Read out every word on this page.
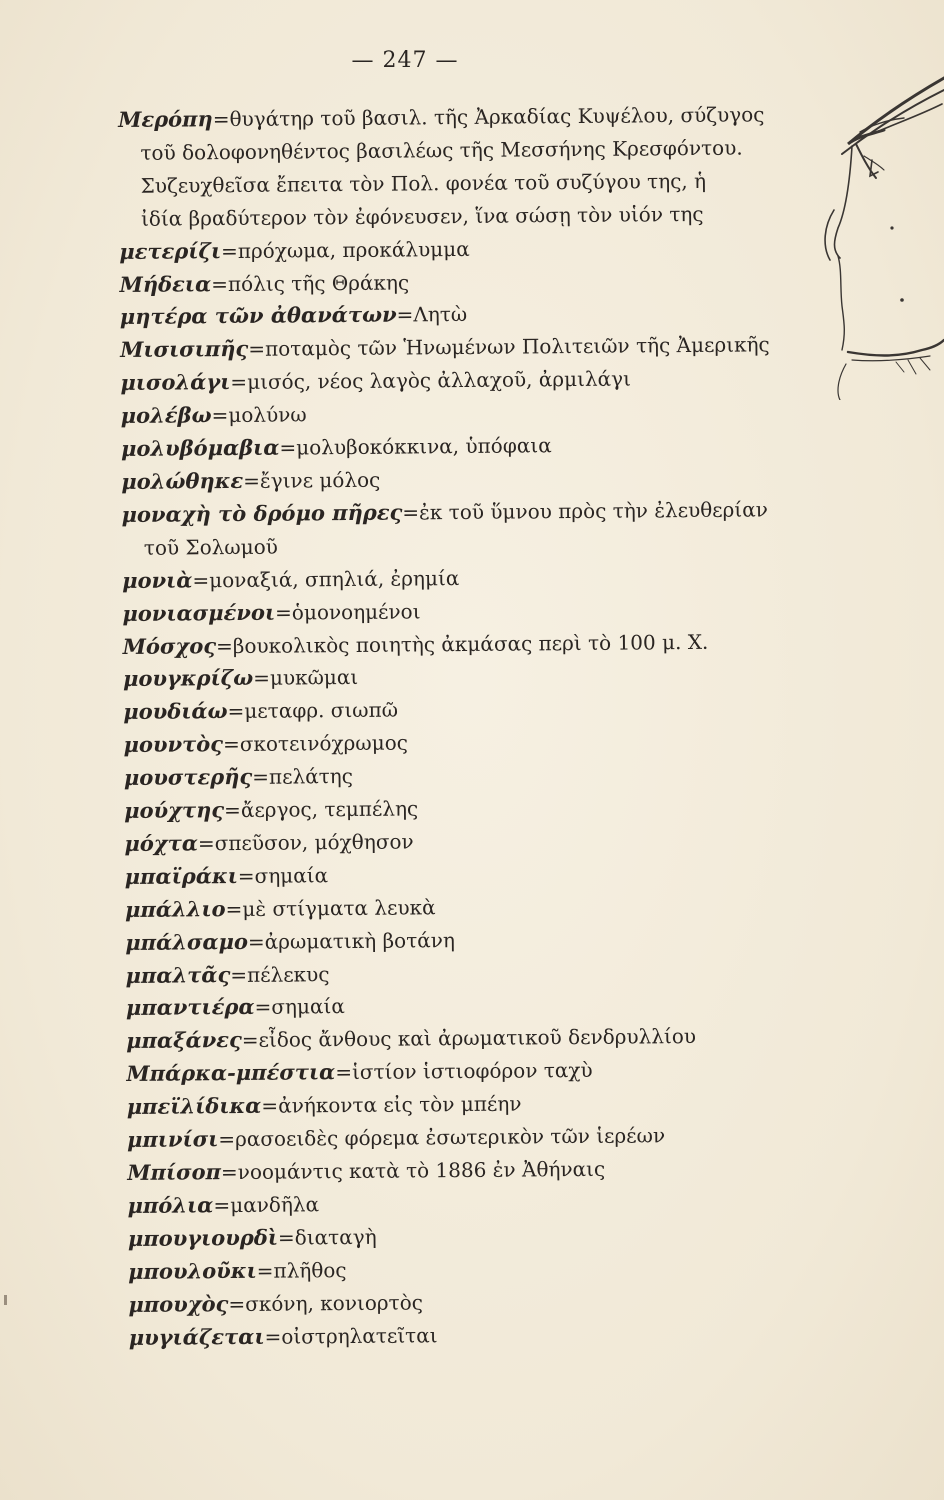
— 247 —
Μερόπη=θυγάτηρ τοῦ βασιλ. τῆς Ἀρκαδίας Κυψέλου, σύζυγος
τοῦ δολοφονηθέντος βασιλέως τῆς Μεσσήνης Κρεσφόντου.
Συζευχθεῖσα ἔπειτα τὸν Πολ. φονέα τοῦ συζύγου της, ἡ
ἰδία βραδύτερον τὸν ἐφόνευσεν, ἵνα σώσῃ τὸν υἱόν της
μετερίζι=πρόχωμα, προκάλυμμα
Μήδεια=πόλις τῆς Θράκης
μητέρα τῶν ἀθανάτων=Λητὼ
Μισισιπῆς=ποταμὸς τῶν Ἡνωμένων Πολιτειῶν τῆς Ἀμερικῆς
μισολάγι=μισός, νέος λαγὸς ἀλλαχοῦ, ἀρμιλάγι
μολέβω=μολύνω
μολυβόμαβια=μολυβοκόκκινα, ὑπόφαια
μολώθηκε=ἔγινε μόλος
μοναχὴ τὸ δρόμο πῆρες=ἐκ τοῦ ὕμνου πρὸς τὴν ἐλευθερίαν
τοῦ Σολωμοῦ
μονιὰ=μοναξιά, σπηλιά, ἐρημία
μονιασμένοι=ὁμονοημένοι
Μόσχος=βουκολικὸς ποιητὴς ἀκμάσας περὶ τὸ 100 μ. Χ.
μουγκρίζω=μυκῶμαι
μουδιάω=μεταφρ. σιωπῶ
μουντὸς=σκοτεινόχρωμος
μουστερῆς=πελάτης
μούχτης=ἄεργος, τεμπέλης
μόχτα=σπεῦσον, μόχθησον
μπαϊράκι=σημαία
μπάλλιο=μὲ στίγματα λευκὰ
μπάλσαμο=ἀρωματικὴ βοτάνη
μπαλτᾶς=πέλεκυς
μπαντιέρα=σημαία
μπαξάνες=εἶδος ἄνθους καὶ ἀρωματικοῦ δενδρυλλίου
Μπάρκα-μπέστια=ἱστίον ἱστιοφόρον ταχὺ
μπεϊλίδικα=ἀνήκοντα εἰς τὸν μπέην
μπινίσι=ρασοειδὲς φόρεμα ἐσωτερικὸν τῶν ἱερέων
Μπίσοπ=νοομάντις κατὰ τὸ 1886 ἐν Ἀθήναις
μπόλια=μανδῆλα
μπουγιουρδὶ=διαταγὴ
μπουλοῦκι=πλῆθος
μπουχὸς=σκόνη, κονιορτὸς
μυγιάζεται=οἰστρηλατεῖται
